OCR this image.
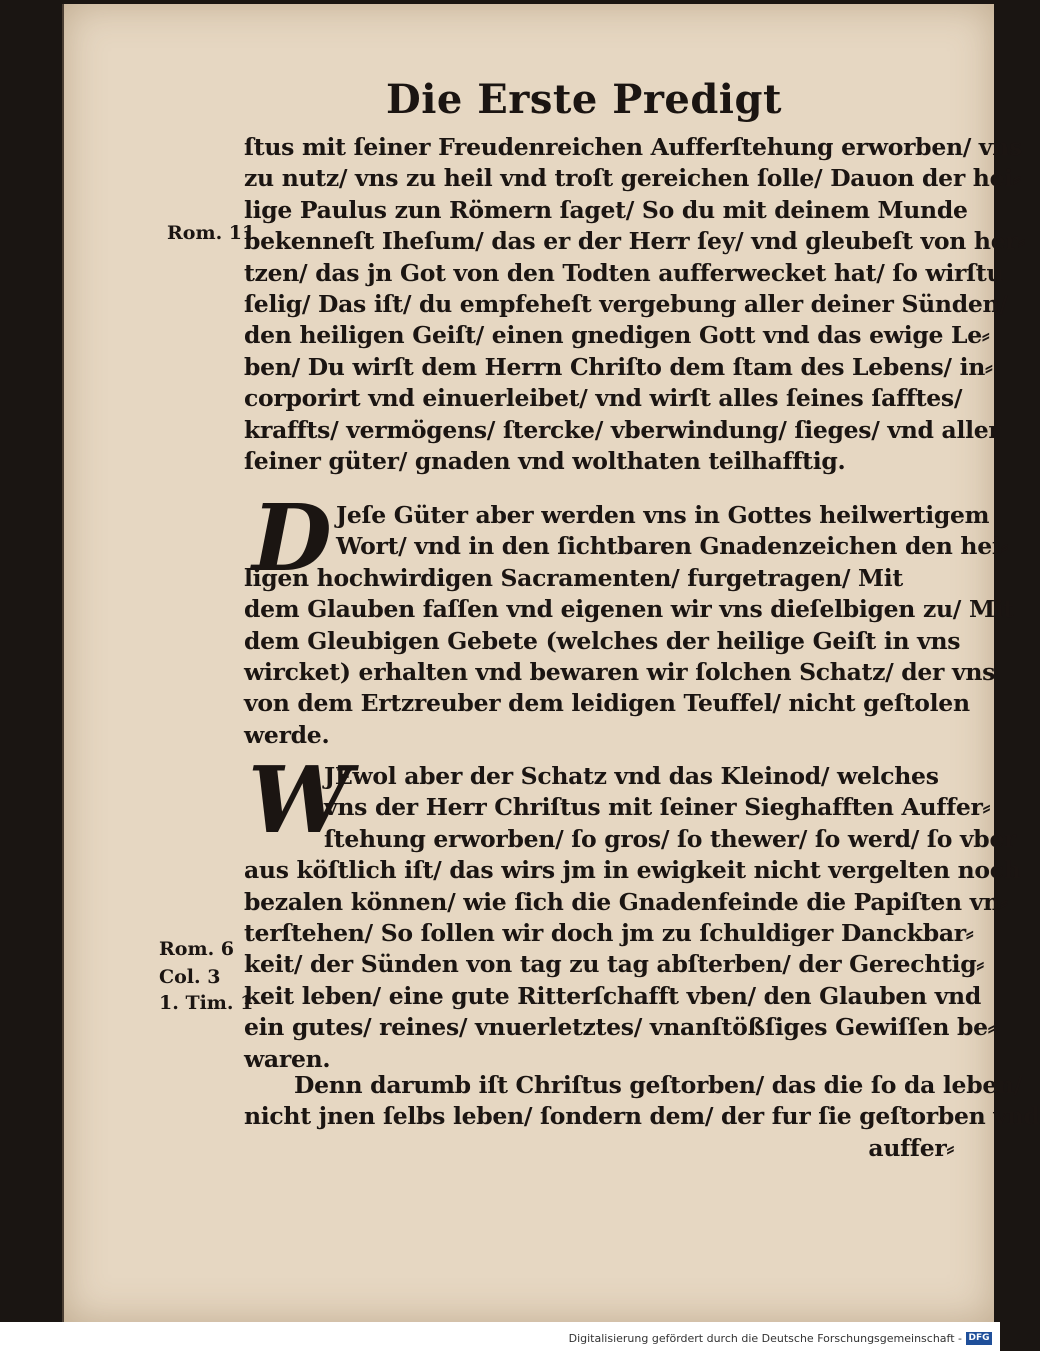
Die Erste Predigt
ſtus mit ſeiner Freudenreichen Aufferſtehung erworben/ vns
zu nutz/ vns zu heil vnd troſt gereichen ſolle/ Dauon der hei⸗
lige Paulus zun Römern ſaget/ So du mit deinem Munde
bekenneſt Iheſum/ das er der Herr ſey/ vnd gleubeſt von her⸗
tzen/ das jn Got von den Todten aufferwecket hat/ ſo wirſtu
ſelig/ Das iſt/ du empfeheſt vergebung aller deiner Sünden/
den heiligen Geiſt/ einen gnedigen Gott vnd das ewige Le⸗
ben/ Du wirſt dem Herrn Chriſto dem ſtam des Lebens/ in⸗
corporirt vnd einuerleibet/ vnd wirſt alles ſeines ſafftes/
kraffts/ vermögens/ ſtercke/ vberwindung/ ſieges/ vnd aller
ſeiner güter/ gnaden vnd wolthaten teilhafftig.
Rom. 11
D Jeſe Güter aber werden vns in Gottes heilwertigem
Wort/ vnd in den ſichtbaren Gnadenzeichen den hei⸗
ligen hochwirdigen Sacramenten/ furgetragen/ Mit
dem Glauben faſſen vnd eigenen wir vns dieſelbigen zu/ Mit
dem Gleubigen Gebete (welches der heilige Geiſt in vns
wircket) erhalten vnd bewaren wir ſolchen Schatz/ der vns
von dem Ertzreuber dem leidigen Teuffel/ nicht geſtolen
werde.
W
JEwol aber der Schatz vnd das Kleinod/ welches
vns der Herr Chriſtus mit ſeiner Sieghafften Auffer⸗
ſtehung erworben/ ſo gros/ ſo thewer/ ſo werd/ ſo vber
aus köſtlich iſt/ das wirs jm in ewigkeit nicht vergelten noch
bezalen können/ wie ſich die Gnadenfeinde die Papiſten vn⸗
terſtehen/ So ſollen wir doch jm zu ſchuldiger Danckbar⸗
keit/ der Sünden von tag zu tag abſterben/ der Gerechtig⸗
keit leben/ eine gute Ritterſchafft vben/ den Glauben vnd
ein gutes/ reines/ vnuerletztes/ vnanſtößſiges Gewiſſen be⸗
waren.
Rom. 6
Col. 3
1. Tim. 1
Denn darumb iſt Chriſtus geſtorben/ das die ſo da leben/
nicht jnen ſelbs leben/ ſondern dem/ der fur ſie geſtorben vnd
auffer⸗
Digitalisierung gefördert durch die Deutsche Forschungsgemeinschaft - DFG
